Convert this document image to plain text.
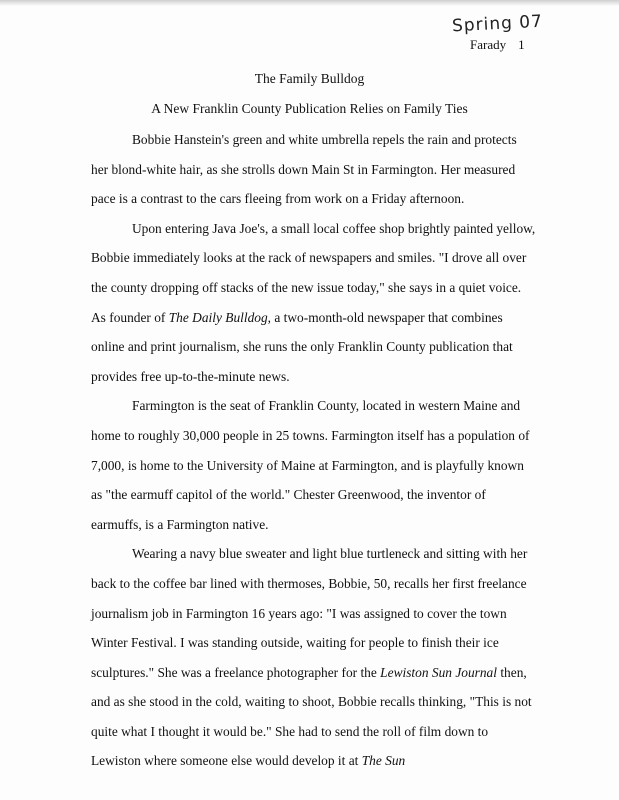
Spring 07
Farady 1
The Family Bulldog
A New Franklin County Publication Relies on Family Ties

Bobbie Hanstein's green and white umbrella repels the rain and protects her blond-white hair, as she strolls down Main St in Farmington. Her measured pace is a contrast to the cars fleeing from work on a Friday afternoon.

Upon entering Java Joe's, a small local coffee shop brightly painted yellow, Bobbie immediately looks at the rack of newspapers and smiles. "I drove all over the county dropping off stacks of the new issue today," she says in a quiet voice. As founder of The Daily Bulldog, a two-month-old newspaper that combines online and print journalism, she runs the only Franklin County publication that provides free up-to-the-minute news.

Farmington is the seat of Franklin County, located in western Maine and home to roughly 30,000 people in 25 towns. Farmington itself has a population of 7,000, is home to the University of Maine at Farmington, and is playfully known as "the earmuff capitol of the world." Chester Greenwood, the inventor of earmuffs, is a Farmington native.

Wearing a navy blue sweater and light blue turtleneck and sitting with her back to the coffee bar lined with thermoses, Bobbie, 50, recalls her first freelance journalism job in Farmington 16 years ago: "I was assigned to cover the town Winter Festival. I was standing outside, waiting for people to finish their ice sculptures." She was a freelance photographer for the Lewiston Sun Journal then, and as she stood in the cold, waiting to shoot, Bobbie recalls thinking, "This is not quite what I thought it would be." She had to send the roll of film down to Lewiston where someone else would develop it at The Sun
